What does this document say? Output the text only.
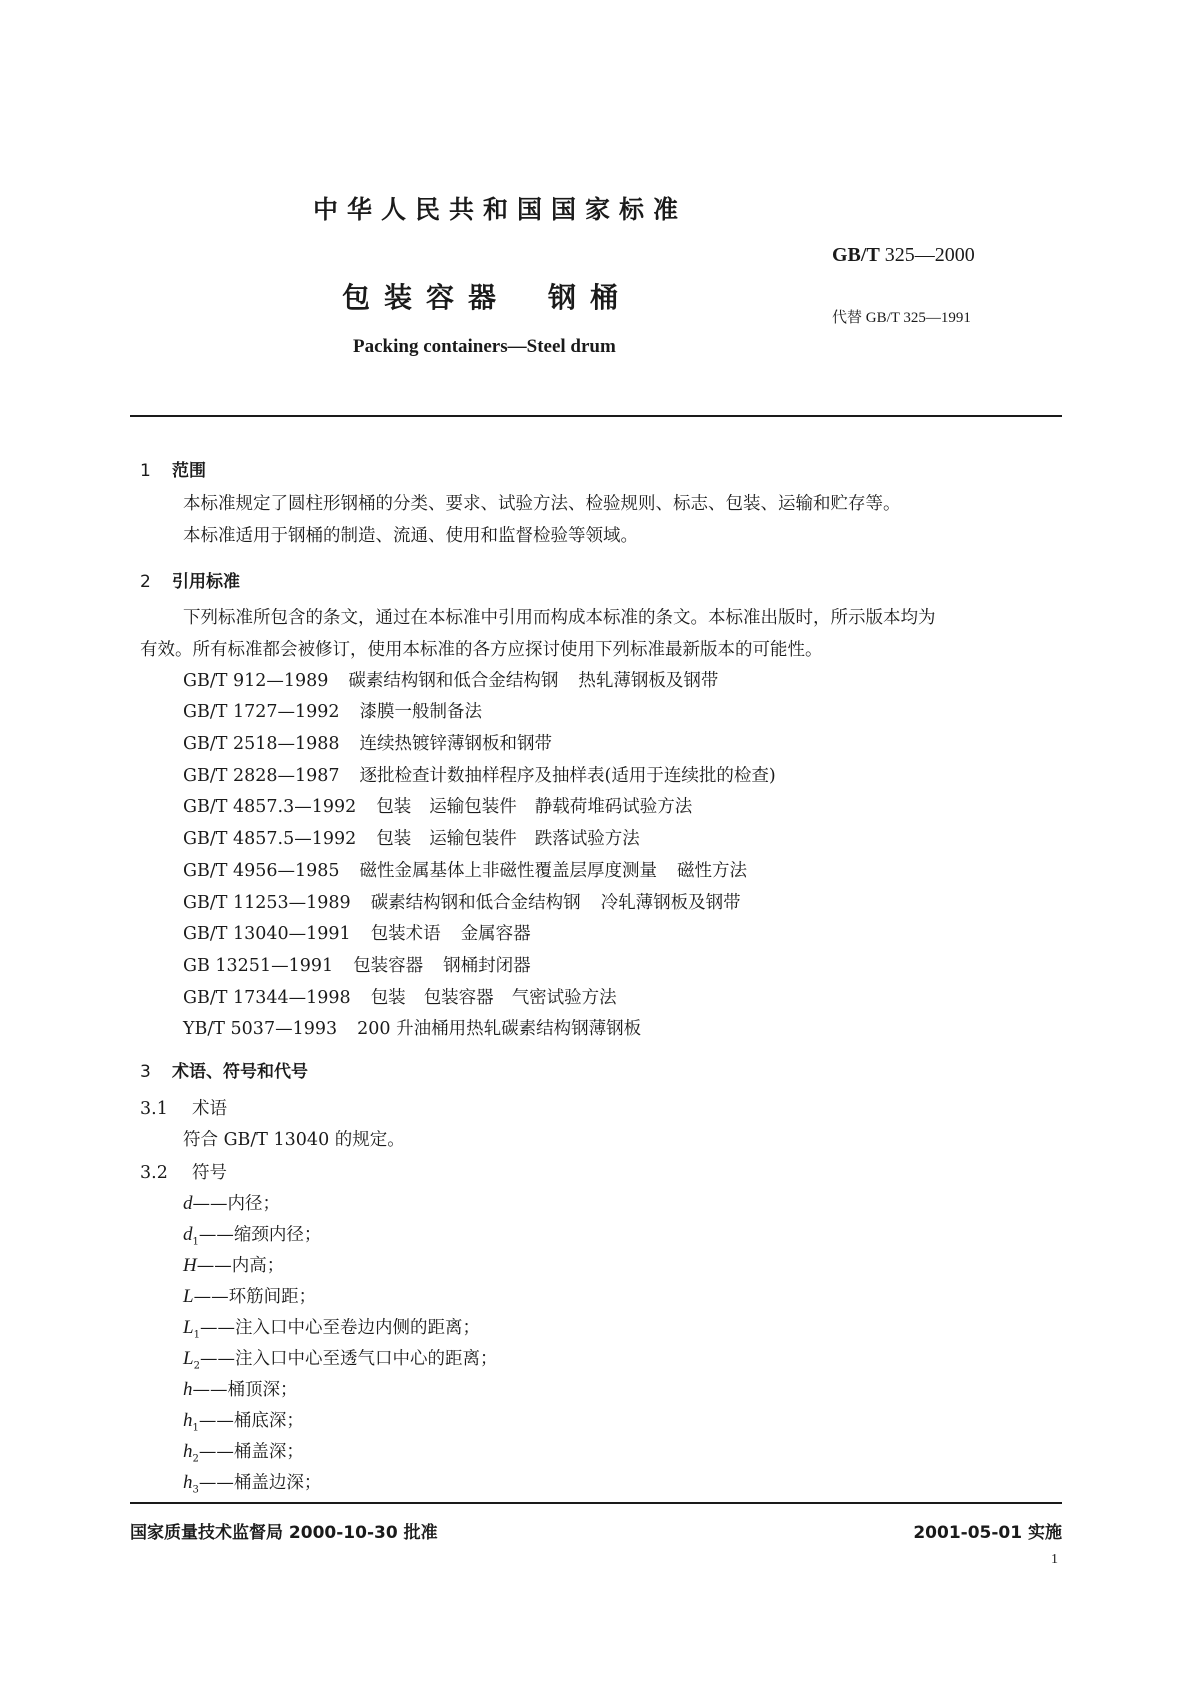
中华人民共和国国家标准
GB/T 325—2000
包装容器 钢桶
代替 GB/T 325—1991
Packing containers—Steel drum
1 范围
本标准规定了圆柱形钢桶的分类、要求、试验方法、检验规则、标志、包装、运输和贮存等。
本标准适用于钢桶的制造、流通、使用和监督检验等领域。
2 引用标准
下列标准所包含的条文，通过在本标准中引用而构成本标准的条文。本标准出版时，所示版本均为
有效。所有标准都会被修订，使用本标准的各方应探讨使用下列标准最新版本的可能性。
GB/T 912—1989 碳素结构钢和低合金结构钢 热轧薄钢板及钢带
GB/T 1727—1992 漆膜一般制备法
GB/T 2518—1988 连续热镀锌薄钢板和钢带
GB/T 2828—1987 逐批检查计数抽样程序及抽样表(适用于连续批的检查)
GB/T 4857.3—1992 包装 运输包装件 静载荷堆码试验方法
GB/T 4857.5—1992 包装 运输包装件 跌落试验方法
GB/T 4956—1985 磁性金属基体上非磁性覆盖层厚度测量 磁性方法
GB/T 11253—1989 碳素结构钢和低合金结构钢 冷轧薄钢板及钢带
GB/T 13040—1991 包装术语 金属容器
GB 13251—1991 包装容器 钢桶封闭器
GB/T 17344—1998 包装 包装容器 气密试验方法
YB/T 5037—1993 200 升油桶用热轧碳素结构钢薄钢板
3 术语、符号和代号
3.1 术语
符合 GB/T 13040 的规定。
3.2 符号
d——内径；
$d_1——$缩颈内径；
H——内高；
L——环筋间距；
$L_1——$注入口中心至卷边内侧的距离；
$L_2——$注入口中心至透气口中心的距离；
h——桶顶深；
$h_1——$桶底深；
$h_2——$桶盖深；
$h_3——$桶盖边深；
国家质量技术监督局 2000-10-30 批准	2001-05-01 实施
1
